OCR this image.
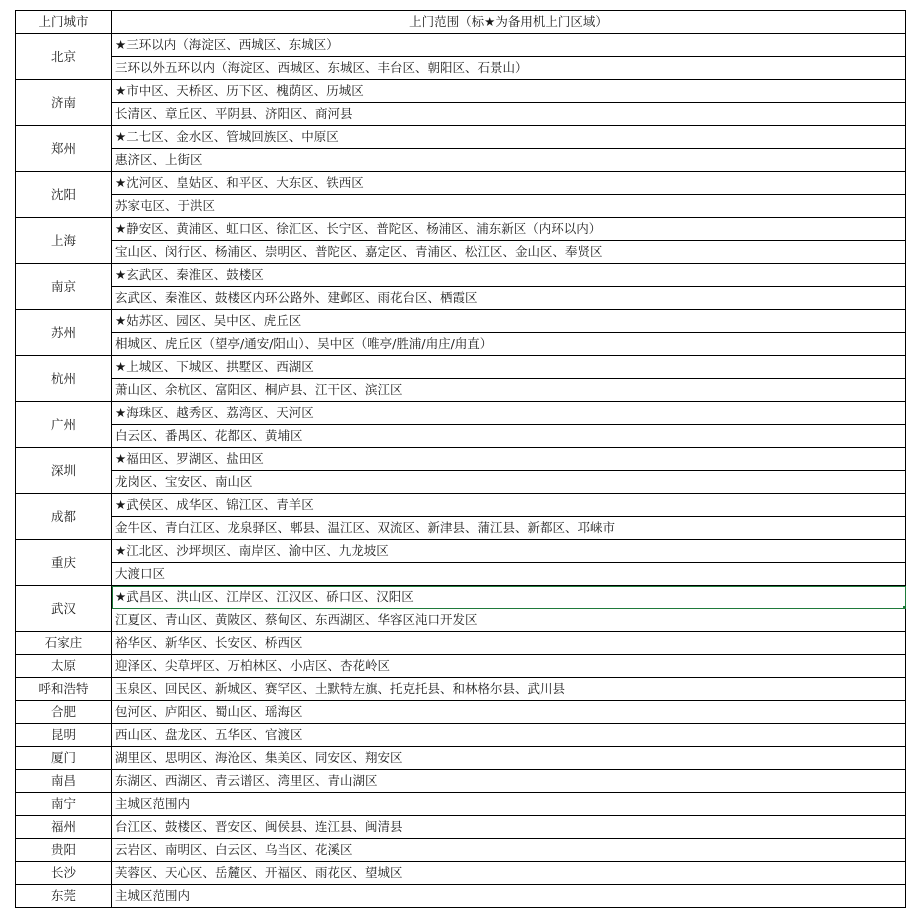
上门城市	上门范围（标★为备用机上门区域）
北京	★三环以内（海淀区、西城区、东城区）
	三环以外五环以内（海淀区、西城区、东城区、丰台区、朝阳区、石景山）
济南	★市中区、天桥区、历下区、槐荫区、历城区
	长清区、章丘区、平阴县、济阳区、商河县
郑州	★二七区、金水区、管城回族区、中原区
	惠济区、上街区
沈阳	★沈河区、皇姑区、和平区、大东区、铁西区
	苏家屯区、于洪区
上海	★静安区、黄浦区、虹口区、徐汇区、长宁区、普陀区、杨浦区、浦东新区（内环以内）
	宝山区、闵行区、杨浦区、崇明区、普陀区、嘉定区、青浦区、松江区、金山区、奉贤区
南京	★玄武区、秦淮区、鼓楼区
	玄武区、秦淮区、鼓楼区内环公路外、建邺区、雨花台区、栖霞区
苏州	★姑苏区、园区、吴中区、虎丘区
	相城区、虎丘区（望亭/通安/阳山）、吴中区（唯亭/胜浦/甪庄/甪直）
杭州	★上城区、下城区、拱墅区、西湖区
	萧山区、余杭区、富阳区、桐庐县、江干区、滨江区
广州	★海珠区、越秀区、荔湾区、天河区
	白云区、番禺区、花都区、黄埔区
深圳	★福田区、罗湖区、盐田区
	龙岗区、宝安区、南山区
成都	★武侯区、成华区、锦江区、青羊区
	金牛区、青白江区、龙泉驿区、郫县、温江区、双流区、新津县、蒲江县、新都区、邛崃市
重庆	★江北区、沙坪坝区、南岸区、渝中区、九龙坡区
	大渡口区
武汉	★武昌区、洪山区、江岸区、江汉区、硚口区、汉阳区
	江夏区、青山区、黄陂区、蔡甸区、东西湖区、华容区沌口开发区
石家庄	裕华区、新华区、长安区、桥西区
太原	迎泽区、尖草坪区、万柏林区、小店区、杏花岭区
呼和浩特	玉泉区、回民区、新城区、赛罕区、土默特左旗、托克托县、和林格尔县、武川县
合肥	包河区、庐阳区、蜀山区、瑶海区
昆明	西山区、盘龙区、五华区、官渡区
厦门	湖里区、思明区、海沧区、集美区、同安区、翔安区
南昌	东湖区、西湖区、青云谱区、湾里区、青山湖区
南宁	主城区范围内
福州	台江区、鼓楼区、晋安区、闽侯县、连江县、闽清县
贵阳	云岩区、南明区、白云区、乌当区、花溪区
长沙	芙蓉区、天心区、岳麓区、开福区、雨花区、望城区
东莞	主城区范围内
